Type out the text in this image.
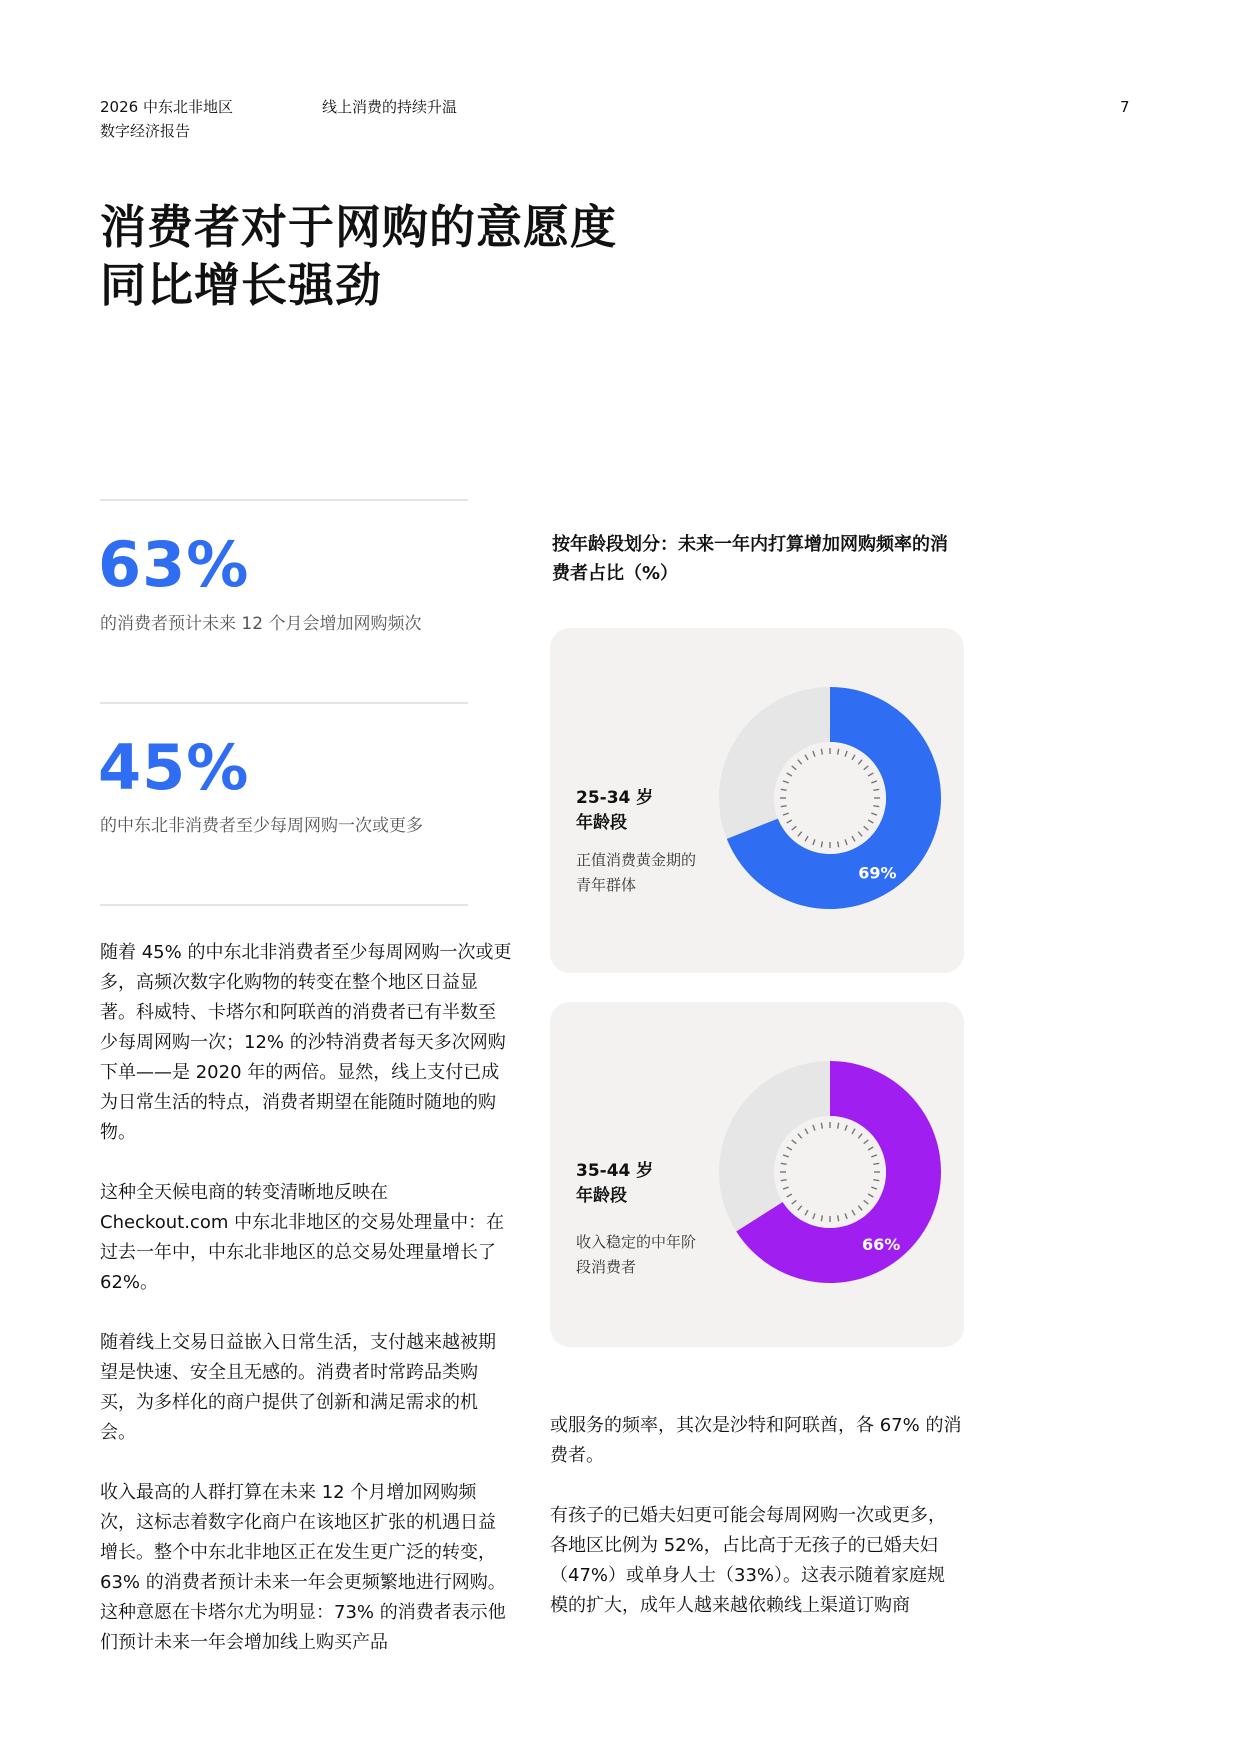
2026 中东北非地区
数字经济报告
线上消费的持续升温	7
消费者对于网购的意愿度
同比增长强劲
63%
的消费者预计未来 12 个月会增加网购频次
45%
的中东北非消费者至少每周网购一次或更多

随着 45% 的中东北非消费者至少每周网购一次或更多，高频次数字化购物的转变在整个地区日益显著。科威特、卡塔尔和阿联酋的消费者已有半数至少每周网购一次；12% 的沙特消费者每天多次网购下单——是 2020 年的两倍。显然，线上支付已成为日常生活的特点，消费者期望在能随时随地的购物。

这种全天候电商的转变清晰地反映在 Checkout.com 中东北非地区的交易处理量中：在过去一年中，中东北非地区的总交易处理量增长了 62%。

随着线上交易日益嵌入日常生活，支付越来越被期望是快速、安全且无感的。消费者时常跨品类购买，为多样化的商户提供了创新和满足需求的机会。

收入最高的人群打算在未来 12 个月增加网购频次，这标志着数字化商户在该地区扩张的机遇日益增长。整个中东北非地区正在发生更广泛的转变，63% 的消费者预计未来一年会更频繁地进行网购。这种意愿在卡塔尔尤为明显：73% 的消费者表示他们预计未来一年会增加线上购买产品

按年龄段划分：未来一年内打算增加网购频率的消费者占比（%）
25-34 岁
年龄段
正值消费黄金期的青年群体
69%
35-44 岁
年龄段
收入稳定的中年阶段消费者
66%

或服务的频率，其次是沙特和阿联酋，各 67% 的消费者。

有孩子的已婚夫妇更可能会每周网购一次或更多，各地区比例为 52%，占比高于无孩子的已婚夫妇（47%）或单身人士（33%）。这表示随着家庭规模的扩大，成年人越来越依赖线上渠道订购商
